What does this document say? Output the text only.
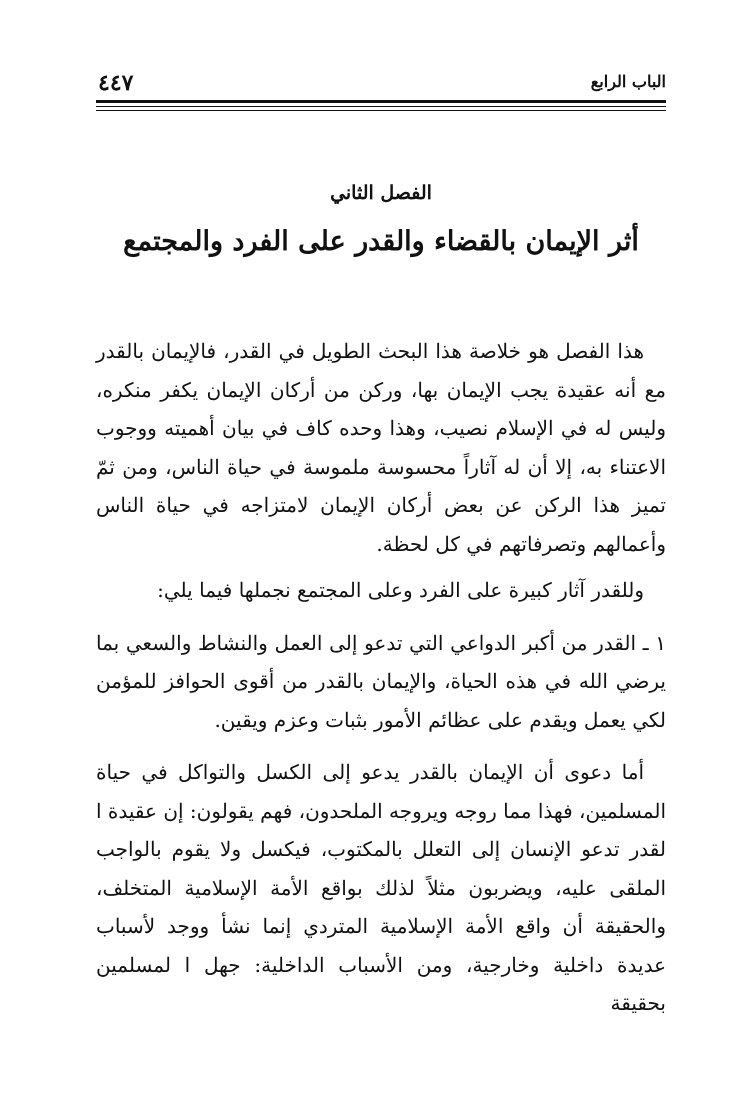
الباب الرابع
٤٤٧
الفصل الثاني
أثر الإيمان بالقضاء والقدر على الفرد والمجتمع

هذا الفصل هو خلاصة هذا البحث الطويل في القدر، فالإيمان بالقدر مع أنه عقيدة يجب الإيمان بها، وركن من أركان الإيمان يكفر منكره، وليس له في الإسلام نصيب، وهذا وحده كاف في بيان أهميته ووجوب الاعتناء به، إلا أن له آثاراً محسوسة ملموسة في حياة الناس، ومن ثمّ تميز هذا الركن عن بعض أركان الإيمان لامتزاجه في حياة الناس وأعمالهم وتصرفاتهم في كل لحظة.

وللقدر آثار كبيرة على الفرد وعلى المجتمع نجملها فيما يلي:

١ ـ القدر من أكبر الدواعي التي تدعو إلى العمل والنشاط والسعي بما يرضي الله في هذه الحياة، والإيمان بالقدر من أقوى الحوافز للمؤمن لكي يعمل ويقدم على عظائم الأمور بثبات وعزم ويقين.

أما دعوى أن الإيمان بالقدر يدعو إلى الكسل والتواكل في حياة المسلمين، فهذا مما روجه ويروجه الملحدون، فهم يقولون: إن عقيدة ا لقدر تدعو الإنسان إلى التعلل بالمكتوب، فيكسل ولا يقوم بالواجب الملقى عليه، ويضربون مثلاً لذلك بواقع الأمة الإسلامية المتخلف، والحقيقة أن واقع الأمة الإسلامية المتردي إنما نشأ ووجد لأسباب عديدة داخلية وخارجية، ومن الأسباب الداخلية: جهل ا لمسلمين بحقيقة
